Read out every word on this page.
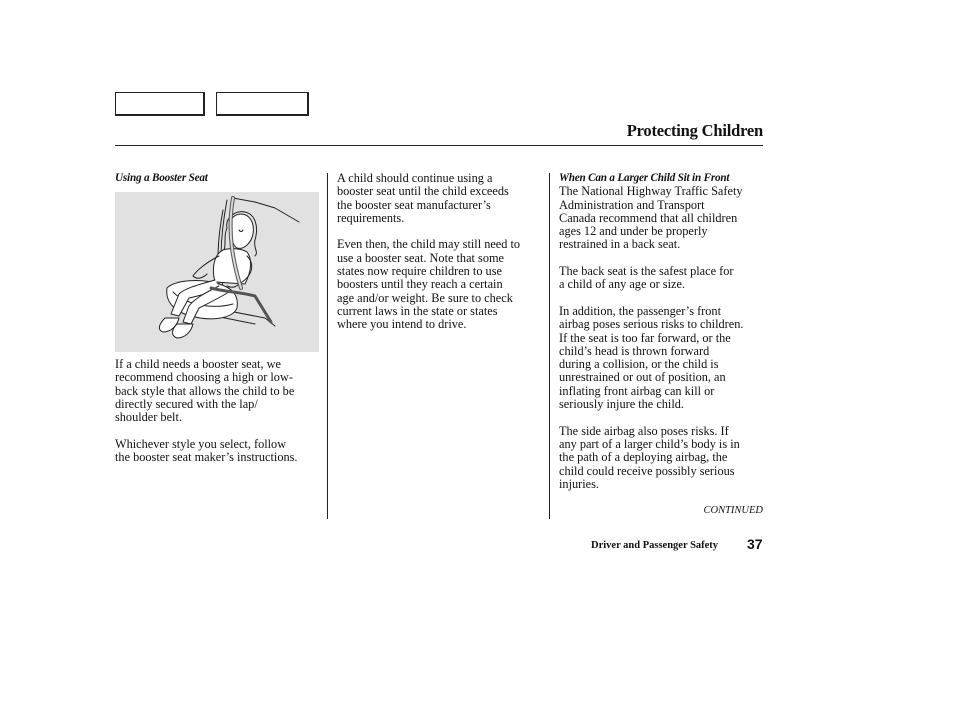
Protecting Children
Using a Booster Seat

If a child needs a booster seat, we
recommend choosing a high or low-
back style that allows the child to be
directly secured with the lap/
shoulder belt.

Whichever style you select, follow
the booster seat maker’s instructions.

A child should continue using a
booster seat until the child exceeds
the booster seat manufacturer’s
requirements.

Even then, the child may still need to
use a booster seat. Note that some
states now require children to use
boosters until they reach a certain
age and/or weight. Be sure to check
current laws in the state or states
where you intend to drive.

When Can a Larger Child Sit in Front

The National Highway Traffic Safety
Administration and Transport
Canada recommend that all children
ages 12 and under be properly
restrained in a back seat.

The back seat is the safest place for
a child of any age or size.

In addition, the passenger’s front
airbag poses serious risks to children.
If the seat is too far forward, or the
child’s head is thrown forward
during a collision, or the child is
unrestrained or out of position, an
inflating front airbag can kill or
seriously injure the child.

The side airbag also poses risks. If
any part of a larger child’s body is in
the path of a deploying airbag, the
child could receive possibly serious
injuries.

CONTINUED
Driver and Passenger Safety 37
